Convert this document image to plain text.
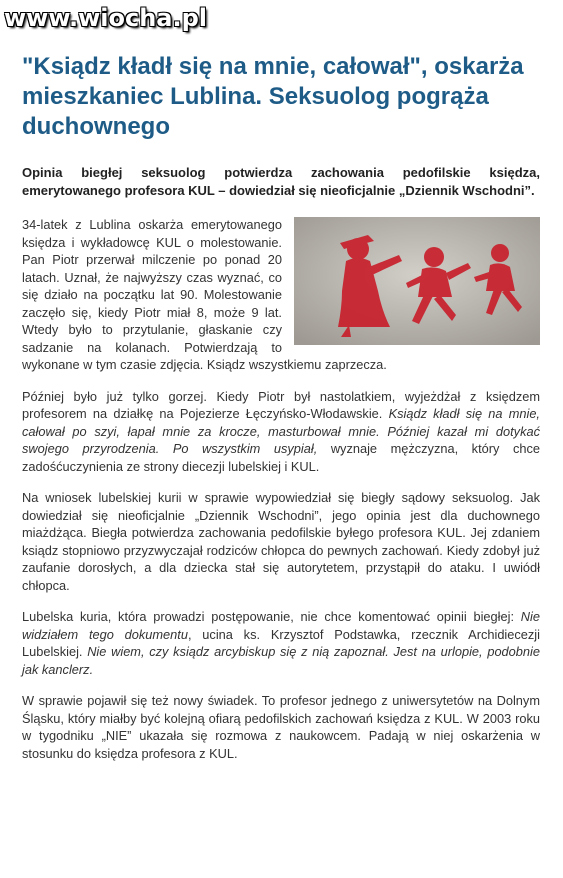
www.wiocha.pl
"Ksiądz kładł się na mnie, całował", oskarża mieszkaniec Lublina. Seksuolog pogrąża duchownego

Opinia biegłej seksuolog potwierdza zachowania pedofilskie księdza, emerytowanego profesora KUL – dowiedział się nieoficjalnie „Dziennik Wschodni”.

34-latek z Lublina oskarża emerytowanego księdza i wykładowcę KUL o molestowanie. Pan Piotr przerwał milczenie po ponad 20 latach. Uznał, że najwyższy czas wyznać, co się działo na początku lat 90. Molestowanie zaczęło się, kiedy Piotr miał 8, może 9 lat. Wtedy było to przytulanie, głaskanie czy sadzanie na kolanach. Potwierdzają to wykonane w tym czasie zdjęcia. Ksiądz wszystkiemu zaprzecza.

Później było już tylko gorzej. Kiedy Piotr był nastolatkiem, wyjeżdżał z księdzem profesorem na działkę na Pojezierze Łęczyńsko-Włodawskie. Ksiądz kładł się na mnie, całował po szyi, łapał mnie za krocze, masturbował mnie. Później kazał mi dotykać swojego przyrodzenia. Po wszystkim usypiał, wyznaje mężczyzna, który chce zadośćuczynienia ze strony diecezji lubelskiej i KUL.

Na wniosek lubelskiej kurii w sprawie wypowiedział się biegły sądowy seksuolog. Jak dowiedział się nieoficjalnie „Dziennik Wschodni”, jego opinia jest dla duchownego miażdżąca. Biegła potwierdza zachowania pedofilskie byłego profesora KUL. Jej zdaniem ksiądz stopniowo przyzwyczajał rodziców chłopca do pewnych zachowań. Kiedy zdobył już zaufanie dorosłych, a dla dziecka stał się autorytetem, przystąpił do ataku. I uwiódł chłopca.

Lubelska kuria, która prowadzi postępowanie, nie chce komentować opinii biegłej: Nie widziałem tego dokumentu, ucina ks. Krzysztof Podstawka, rzecznik Archidiecezji Lubelskiej. Nie wiem, czy ksiądz arcybiskup się z nią zapoznał. Jest na urlopie, podobnie jak kanclerz.

W sprawie pojawił się też nowy świadek. To profesor jednego z uniwersytetów na Dolnym Śląsku, który miałby być kolejną ofiarą pedofilskich zachowań księdza z KUL. W 2003 roku w tygodniku „NIE” ukazała się rozmowa z naukowcem. Padają w niej oskarżenia w stosunku do księdza profesora z KUL.
